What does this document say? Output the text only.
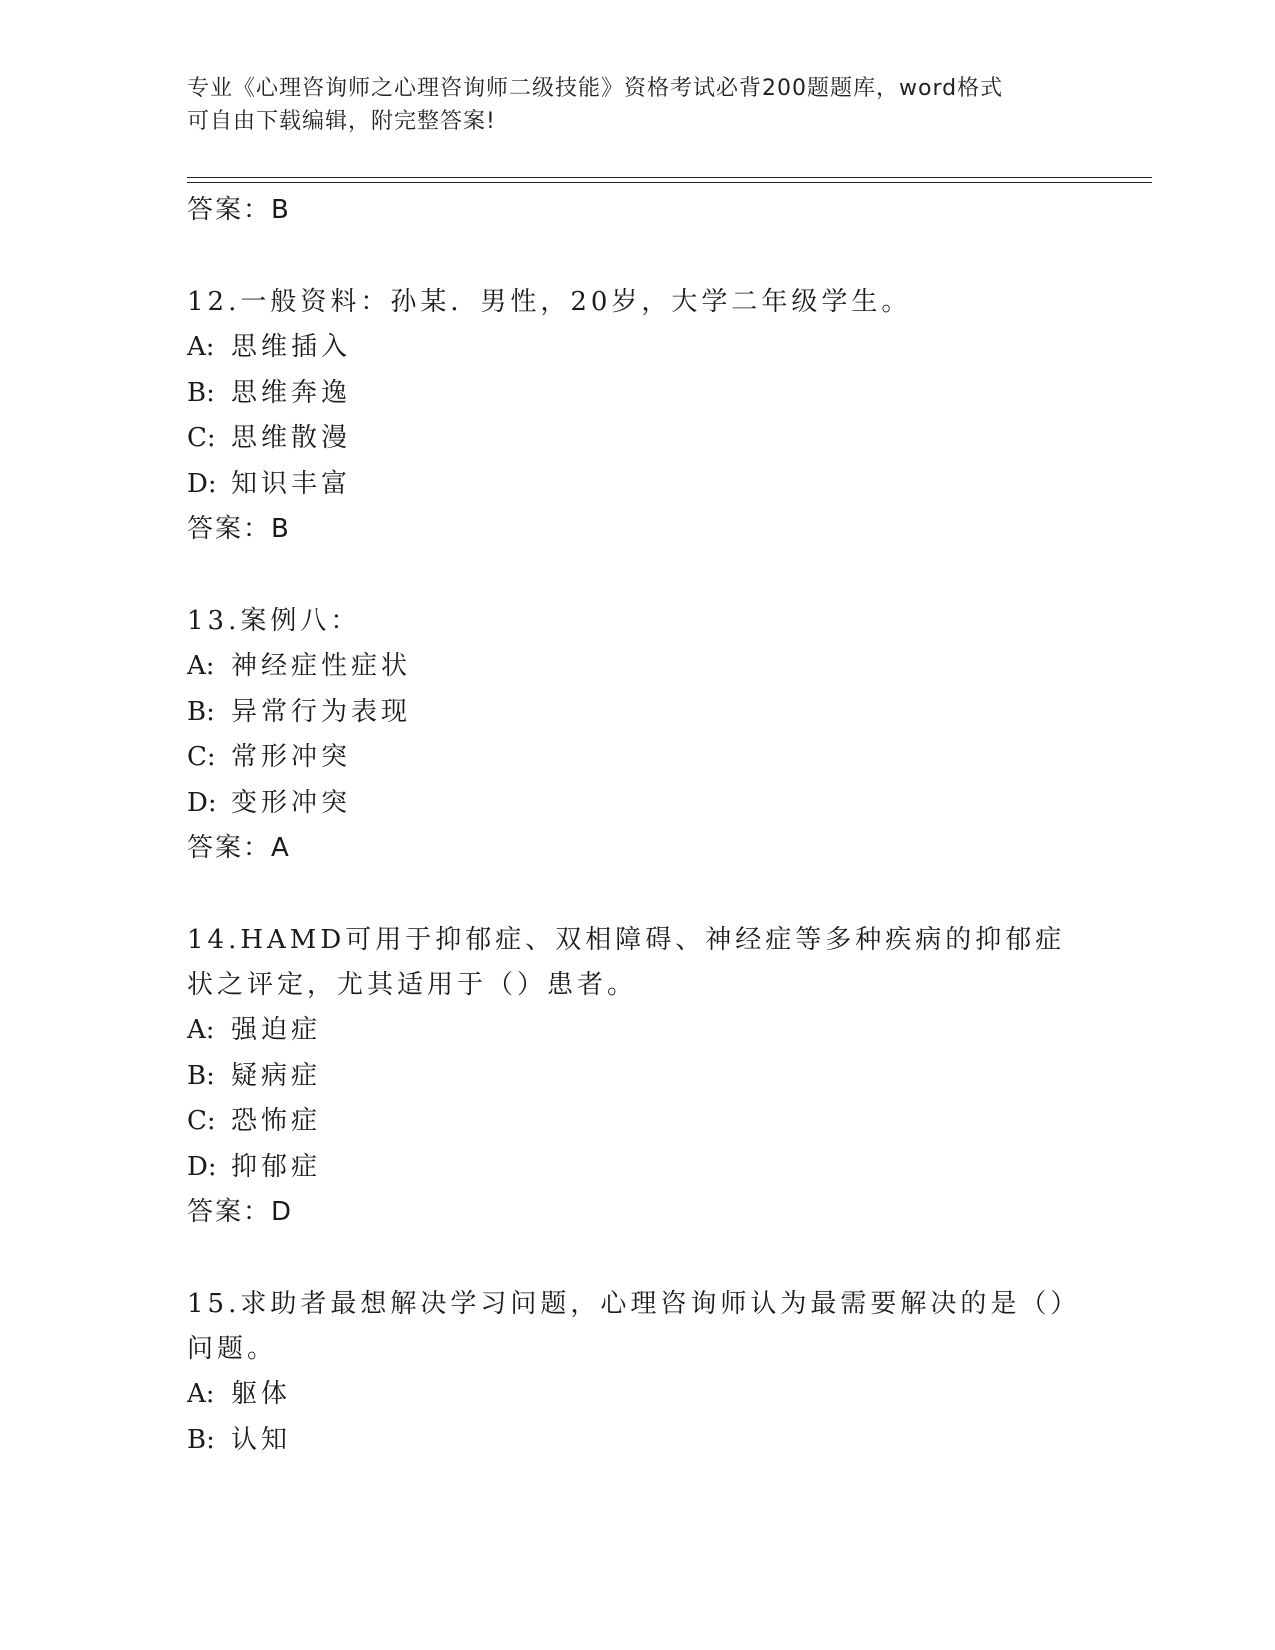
专业《心理咨询师之心理咨询师二级技能》资格考试必背200题题库，word格式
可自由下载编辑，附完整答案!
答案：B
12.一般资料：孙某．男性，20岁，大学二年级学生。
A: 思维插入
B: 思维奔逸
C: 思维散漫
D: 知识丰富
答案：B
13.案例八：
A: 神经症性症状
B: 异常行为表现
C: 常形冲突
D: 变形冲突
答案：A
14.HAMD可用于抑郁症、双相障碍、神经症等多种疾病的抑郁症状之评定，尤其适用于（）患者。
A: 强迫症
B: 疑病症
C: 恐怖症
D: 抑郁症
答案：D
15.求助者最想解决学习问题，心理咨询师认为最需要解决的是（）问题。
A: 躯体
B: 认知
